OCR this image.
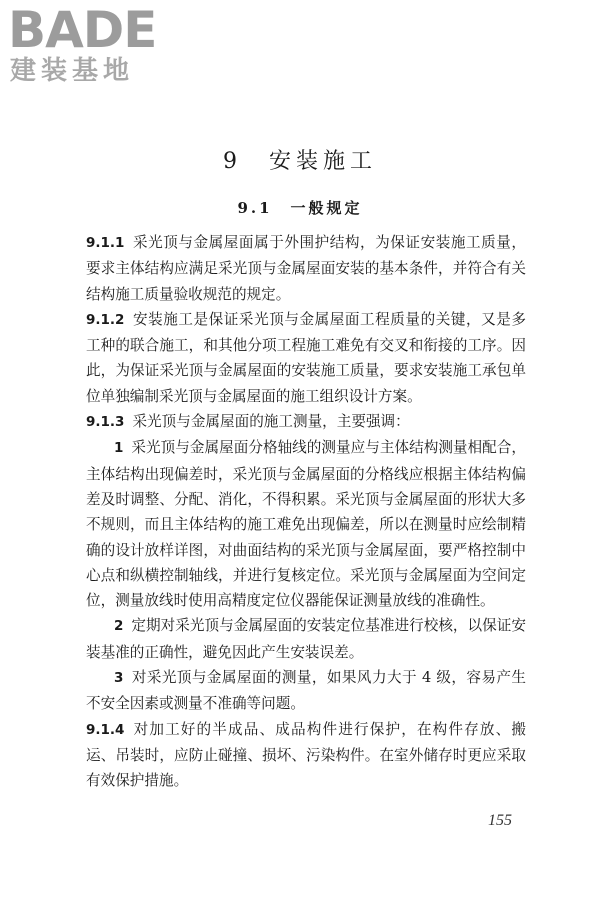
BADE
建装基地
9　安装施工
9.1　一般规定

9.1.1 采光顶与金属屋面属于外围护结构，为保证安装施工质量，要求主体结构应满足采光顶与金属屋面安装的基本条件，并符合有关结构施工质量验收规范的规定。

9.1.2 安装施工是保证采光顶与金属屋面工程质量的关键，又是多工种的联合施工，和其他分项工程施工难免有交叉和衔接的工序。因此，为保证采光顶与金属屋面的安装施工质量，要求安装施工承包单位单独编制采光顶与金属屋面的施工组织设计方案。

9.1.3 采光顶与金属屋面的施工测量，主要强调：

1 采光顶与金属屋面分格轴线的测量应与主体结构测量相配合，主体结构出现偏差时，采光顶与金属屋面的分格线应根据主体结构偏差及时调整、分配、消化，不得积累。采光顶与金属屋面的形状大多不规则，而且主体结构的施工难免出现偏差，所以在测量时应绘制精确的设计放样详图，对曲面结构的采光顶与金属屋面，要严格控制中心点和纵横控制轴线，并进行复核定位。采光顶与金属屋面为空间定位，测量放线时使用高精度定位仪器能保证测量放线的准确性。

2 定期对采光顶与金属屋面的安装定位基准进行校核，以保证安装基准的正确性，避免因此产生安装误差。

3 对采光顶与金属屋面的测量，如果风力大于 4 级，容易产生不安全因素或测量不准确等问题。

9.1.4 对加工好的半成品、成品构件进行保护，在构件存放、搬运、吊装时，应防止碰撞、损坏、污染构件。在室外储存时更应采取有效保护措施。

155
